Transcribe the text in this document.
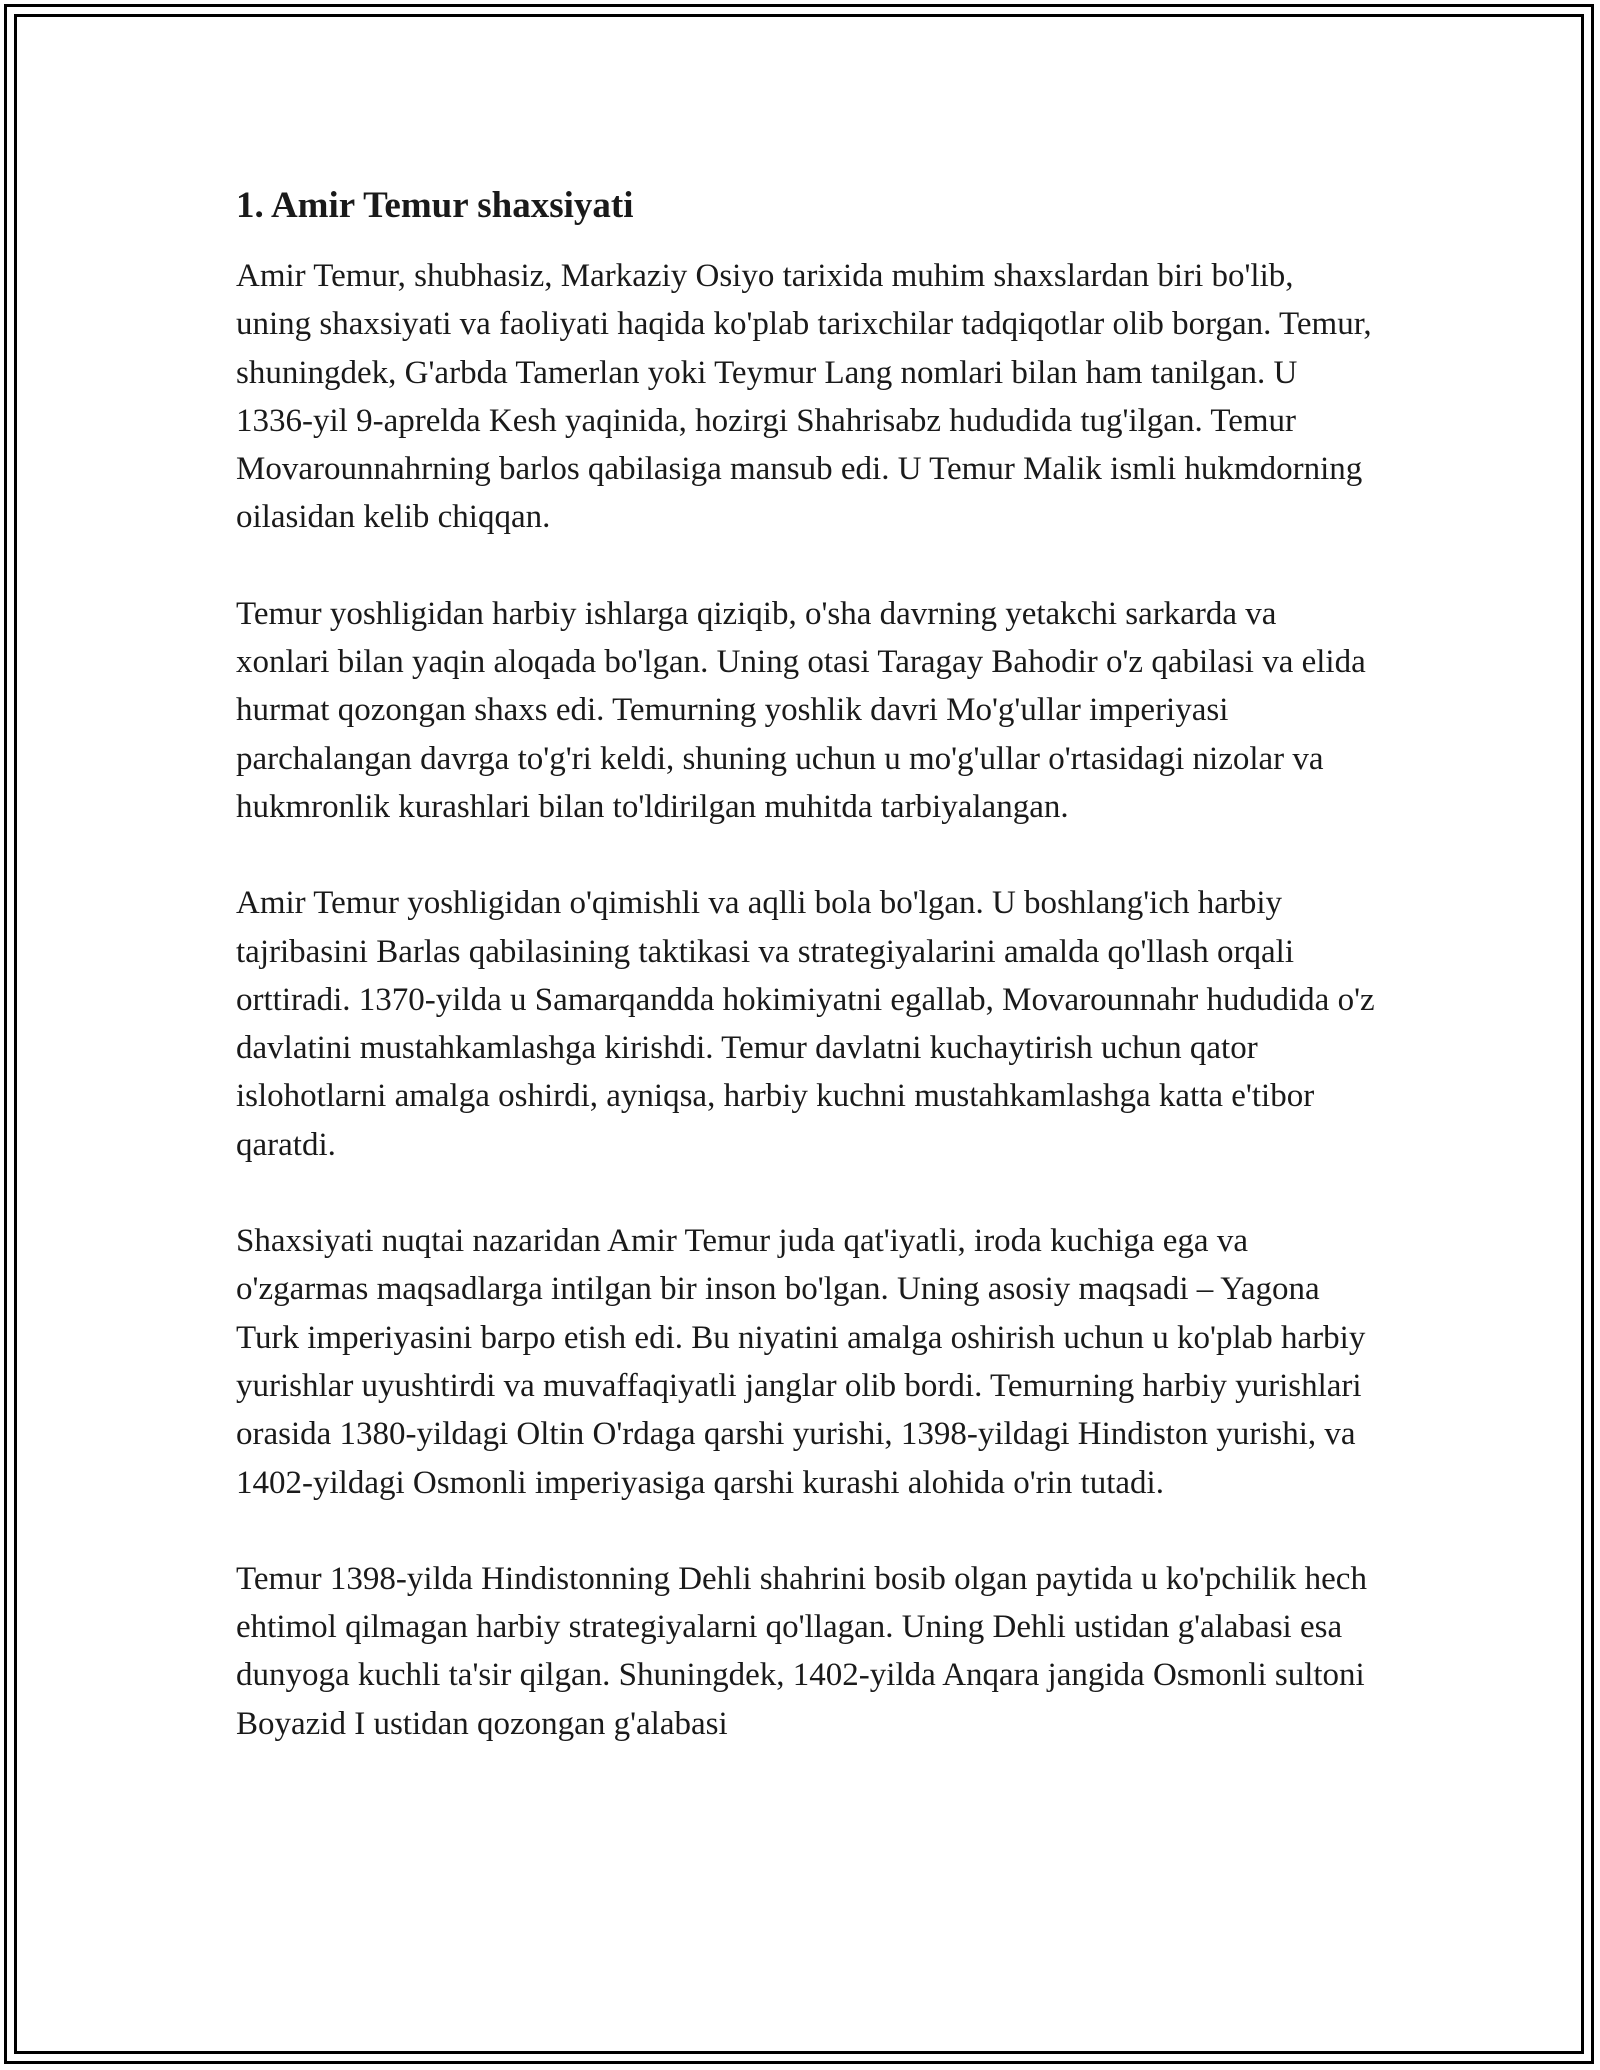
1. Amir Temur shaxsiyati

Amir Temur, shubhasiz, Markaziy Osiyo tarixida muhim shaxslardan biri bo'lib, uning shaxsiyati va faoliyati haqida ko'plab tarixchilar tadqiqotlar olib borgan. Temur, shuningdek, G'arbda Tamerlan yoki Teymur Lang nomlari bilan ham tanilgan. U 1336-yil 9-aprelda Kesh yaqinida, hozirgi Shahrisabz hududida tug'ilgan. Temur Movarounnahrning barlos qabilasiga mansub edi. U Temur Malik ismli hukmdorning oilasidan kelib chiqqan.

Temur yoshligidan harbiy ishlarga qiziqib, o'sha davrning yetakchi sarkarda va xonlari bilan yaqin aloqada bo'lgan. Uning otasi Taragay Bahodir o'z qabilasi va elida hurmat qozongan shaxs edi. Temurning yoshlik davri Mo'g'ullar imperiyasi parchalangan davrga to'g'ri keldi, shuning uchun u mo'g'ullar o'rtasidagi nizolar va hukmronlik kurashlari bilan to'ldirilgan muhitda tarbiyalangan.

Amir Temur yoshligidan o'qimishli va aqlli bola bo'lgan. U boshlang'ich harbiy tajribasini Barlas qabilasining taktikasi va strategiyalarini amalda qo'llash orqali orttiradi. 1370-yilda u Samarqandda hokimiyatni egallab, Movarounnahr hududida o'z davlatini mustahkamlashga kirishdi. Temur davlatni kuchaytirish uchun qator islohotlarni amalga oshirdi, ayniqsa, harbiy kuchni mustahkamlashga katta e'tibor qaratdi.

Shaxsiyati nuqtai nazaridan Amir Temur juda qat'iyatli, iroda kuchiga ega va o'zgarmas maqsadlarga intilgan bir inson bo'lgan. Uning asosiy maqsadi – Yagona Turk imperiyasini barpo etish edi. Bu niyatini amalga oshirish uchun u ko'plab harbiy yurishlar uyushtirdi va muvaffaqiyatli janglar olib bordi. Temurning harbiy yurishlari orasida 1380-yildagi Oltin O'rdaga qarshi yurishi, 1398-yildagi Hindiston yurishi, va 1402-yildagi Osmonli imperiyasiga qarshi kurashi alohida o'rin tutadi.

Temur 1398-yilda Hindistonning Dehli shahrini bosib olgan paytida u ko'pchilik hech ehtimol qilmagan harbiy strategiyalarni qo'llagan. Uning Dehli ustidan g'alabasi esa dunyoga kuchli ta'sir qilgan. Shuningdek, 1402-yilda Anqara jangida Osmonli sultoni Boyazid I ustidan qozongan g'alabasi
